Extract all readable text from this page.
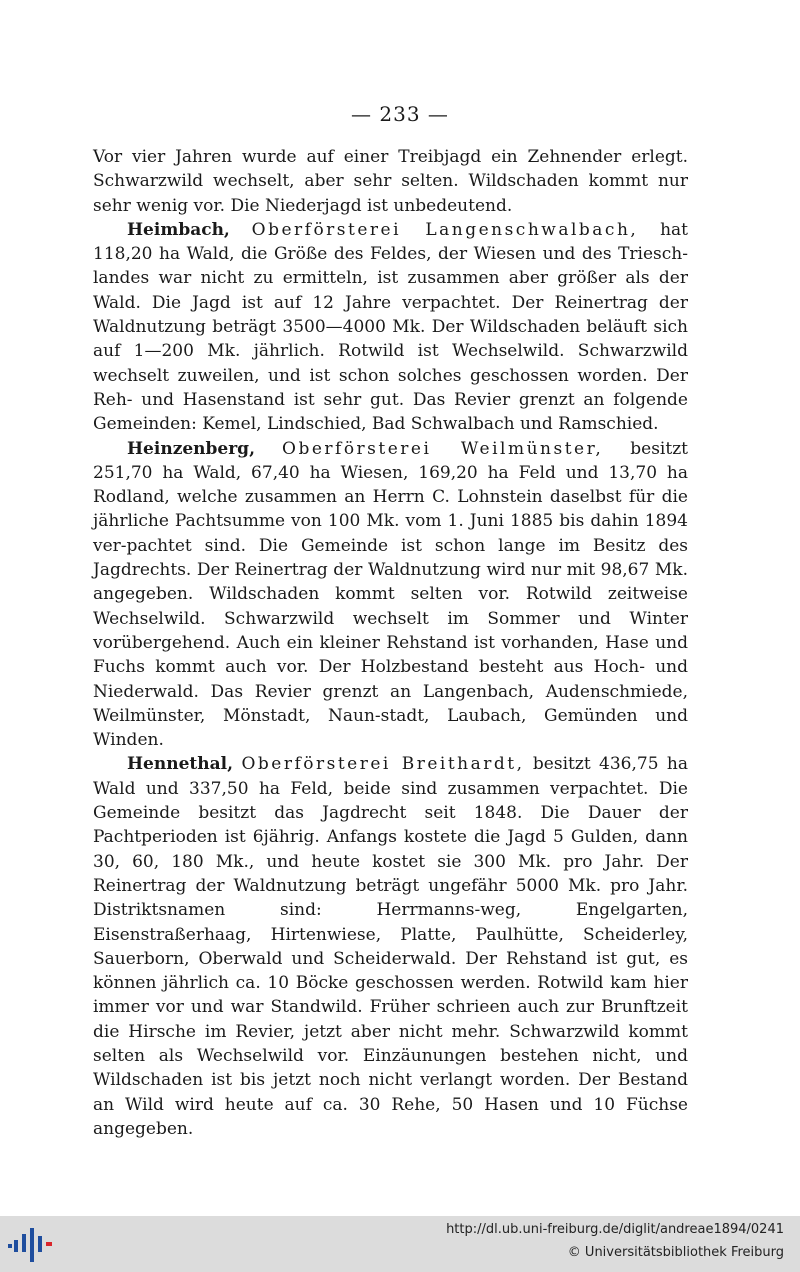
— 233 —

Vor vier Jahren wurde auf einer Treibjagd ein Zehnender erlegt. Schwarzwild wechselt, aber sehr selten. Wildschaden kommt nur sehr wenig vor. Die Niederjagd ist unbedeutend.

Heimbach, Oberförsterei Langenschwalbach, hat 118,20 ha Wald, die Größe des Feldes, der Wiesen und des Triesch-landes war nicht zu ermitteln, ist zusammen aber größer als der Wald. Die Jagd ist auf 12 Jahre verpachtet. Der Reinertrag der Waldnutzung beträgt 3500—4000 Mk. Der Wildschaden beläuft sich auf 1—200 Mk. jährlich. Rotwild ist Wechselwild. Schwarzwild wechselt zuweilen, und ist schon solches geschossen worden. Der Reh- und Hasenstand ist sehr gut. Das Revier grenzt an folgende Gemeinden: Kemel, Lindschied, Bad Schwalbach und Ramschied.

Heinzenberg, Oberförsterei Weilmünster, besitzt 251,70 ha Wald, 67,40 ha Wiesen, 169,20 ha Feld und 13,70 ha Rodland, welche zusammen an Herrn C. Lohnstein daselbst für die jährliche Pachtsumme von 100 Mk. vom 1. Juni 1885 bis dahin 1894 ver-pachtet sind. Die Gemeinde ist schon lange im Besitz des Jagdrechts. Der Reinertrag der Waldnutzung wird nur mit 98,67 Mk. angegeben. Wildschaden kommt selten vor. Rotwild zeitweise Wechselwild. Schwarzwild wechselt im Sommer und Winter vorübergehend. Auch ein kleiner Rehstand ist vorhanden, Hase und Fuchs kommt auch vor. Der Holzbestand besteht aus Hoch- und Niederwald. Das Revier grenzt an Langenbach, Audenschmiede, Weilmünster, Mönstadt, Naun-stadt, Laubach, Gemünden und Winden.

Hennethal, Oberförsterei Breithardt, besitzt 436,75 ha Wald und 337,50 ha Feld, beide sind zusammen verpachtet. Die Gemeinde besitzt das Jagdrecht seit 1848. Die Dauer der Pachtperioden ist 6jährig. Anfangs kostete die Jagd 5 Gulden, dann 30, 60, 180 Mk., und heute kostet sie 300 Mk. pro Jahr. Der Reinertrag der Waldnutzung beträgt ungefähr 5000 Mk. pro Jahr. Distriktsnamen sind: Herrmanns-weg, Engelgarten, Eisenstraßerhaag, Hirtenwiese, Platte, Paulhütte, Scheiderley, Sauerborn, Oberwald und Scheiderwald. Der Rehstand ist gut, es können jährlich ca. 10 Böcke geschossen werden. Rotwild kam hier immer vor und war Standwild. Früher schrieen auch zur Brunftzeit die Hirsche im Revier, jetzt aber nicht mehr. Schwarzwild kommt selten als Wechselwild vor. Einzäunungen bestehen nicht, und Wildschaden ist bis jetzt noch nicht verlangt worden. Der Bestand an Wild wird heute auf ca. 30 Rehe, 50 Hasen und 10 Füchse angegeben.

http://dl.ub.uni-freiburg.de/diglit/andreae1894/0241
© Universitätsbibliothek Freiburg
